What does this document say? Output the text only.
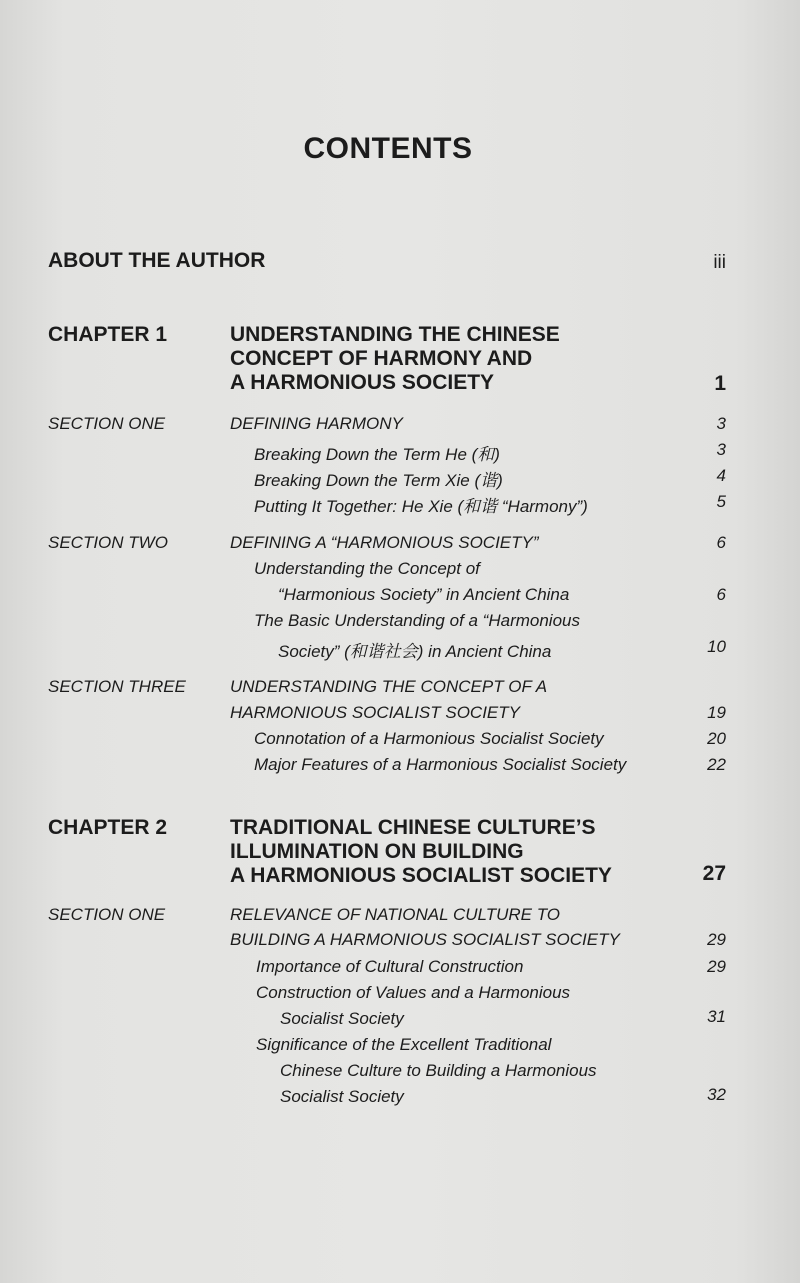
CONTENTS
ABOUT THE AUTHOR	iii
CHAPTER 1	UNDERSTANDING THE CHINESE
CONCEPT OF HARMONY AND
A HARMONIOUS SOCIETY	1
SECTION ONE	DEFINING HARMONY	3
Breaking Down the Term He (和)	3
Breaking Down the Term Xie (谐)	4
Putting It Together: He Xie (和谐 “Harmony”)	5
SECTION TWO	DEFINING A “HARMONIOUS SOCIETY”	6
Understanding the Concept of
“Harmonious Society” in Ancient China	6
The Basic Understanding of a “Harmonious
Society” (和谐社会) in Ancient China	10
SECTION THREE	UNDERSTANDING THE CONCEPT OF A
HARMONIOUS SOCIALIST SOCIETY	19
Connotation of a Harmonious Socialist Society	20
Major Features of a Harmonious Socialist Society	22
CHAPTER 2	TRADITIONAL CHINESE CULTURE’S
ILLUMINATION ON BUILDING
A HARMONIOUS SOCIALIST SOCIETY	27
SECTION ONE	RELEVANCE OF NATIONAL CULTURE TO
BUILDING A HARMONIOUS SOCIALIST SOCIETY	29
Importance of Cultural Construction	29
Construction of Values and a Harmonious
Socialist Society	31
Significance of the Excellent Traditional
Chinese Culture to Building a Harmonious
Socialist Society	32
